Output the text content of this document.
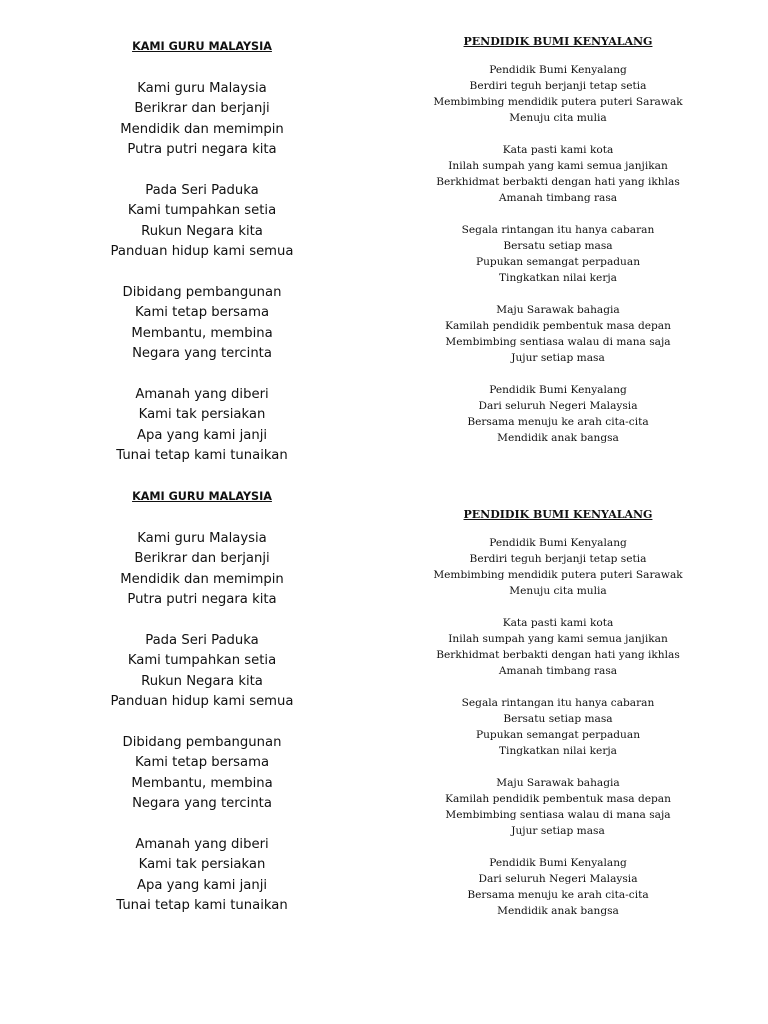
KAMI GURU MALAYSIA
Kami guru Malaysia
Berikrar dan berjanji
Mendidik dan memimpin
Putra putri negara kita
Pada Seri Paduka
Kami tumpahkan setia
Rukun Negara kita
Panduan hidup kami semua
Dibidang pembangunan
Kami tetap bersama
Membantu, membina
Negara yang tercinta
Amanah yang diberi
Kami tak persiakan
Apa yang kami janji
Tunai tetap kami tunaikan
PENDIDIK BUMI KENYALANG
Pendidik Bumi Kenyalang
Berdiri teguh berjanji tetap setia
Membimbing mendidik putera puteri Sarawak
Menuju cita mulia
Kata pasti kami kota
Inilah sumpah yang kami semua janjikan
Berkhidmat berbakti dengan hati yang ikhlas
Amanah timbang rasa
Segala rintangan itu hanya cabaran
Bersatu setiap masa
Pupukan semangat perpaduan
Tingkatkan nilai kerja
Maju Sarawak bahagia
Kamilah pendidik pembentuk masa depan
Membimbing sentiasa walau di mana saja
Jujur setiap masa
Pendidik Bumi Kenyalang
Dari seluruh Negeri Malaysia
Bersama menuju ke arah cita-cita
Mendidik anak bangsa
KAMI GURU MALAYSIA
Kami guru Malaysia
Berikrar dan berjanji
Mendidik dan memimpin
Putra putri negara kita
Pada Seri Paduka
Kami tumpahkan setia
Rukun Negara kita
Panduan hidup kami semua
Dibidang pembangunan
Kami tetap bersama
Membantu, membina
Negara yang tercinta
Amanah yang diberi
Kami tak persiakan
Apa yang kami janji
Tunai tetap kami tunaikan
PENDIDIK BUMI KENYALANG
Pendidik Bumi Kenyalang
Berdiri teguh berjanji tetap setia
Membimbing mendidik putera puteri Sarawak
Menuju cita mulia
Kata pasti kami kota
Inilah sumpah yang kami semua janjikan
Berkhidmat berbakti dengan hati yang ikhlas
Amanah timbang rasa
Segala rintangan itu hanya cabaran
Bersatu setiap masa
Pupukan semangat perpaduan
Tingkatkan nilai kerja
Maju Sarawak bahagia
Kamilah pendidik pembentuk masa depan
Membimbing sentiasa walau di mana saja
Jujur setiap masa
Pendidik Bumi Kenyalang
Dari seluruh Negeri Malaysia
Bersama menuju ke arah cita-cita
Mendidik anak bangsa
